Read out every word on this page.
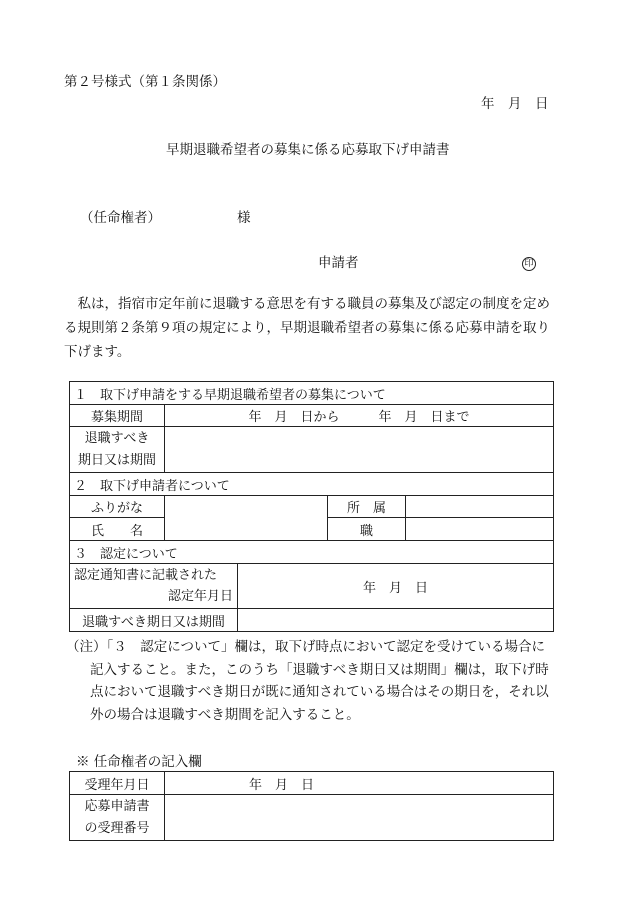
第２号様式（第１条関係）
年　月　日
早期退職希望者の募集に係る応募取下げ申請書
（任命権者）	様
申請者	印

私は，指宿市定年前に退職する意思を有する職員の募集及び認定の制度を定め

る規則第２条第９項の規定により，早期退職希望者の募集に係る応募申請を取り

下げます。

１　取下げ申請をする早期退職希望者の募集について				
募集期間	年　月　日から　　　年　月　日まで			

退職すべき
期日又は期間				

２　取下げ申請者について				
ふりがな			所　属	
氏　　名			職	
３　認定について				

認定通知書に記載された
認定年月日		年　月　日		
退職すべき期日又は期間				
（注）「３　認定について」欄は，取下げ時点において認定を受けている場合に
記入すること。また，このうち「退職すべき期日又は期間」欄は，取下げ時
点において退職すべき期日が既に通知されている場合はその期日を，それ以
外の場合は退職すべき期間を記入すること。
※ 任命権者の記入欄
受理年月日	年　月　日

応募申請書
の受理番号	
